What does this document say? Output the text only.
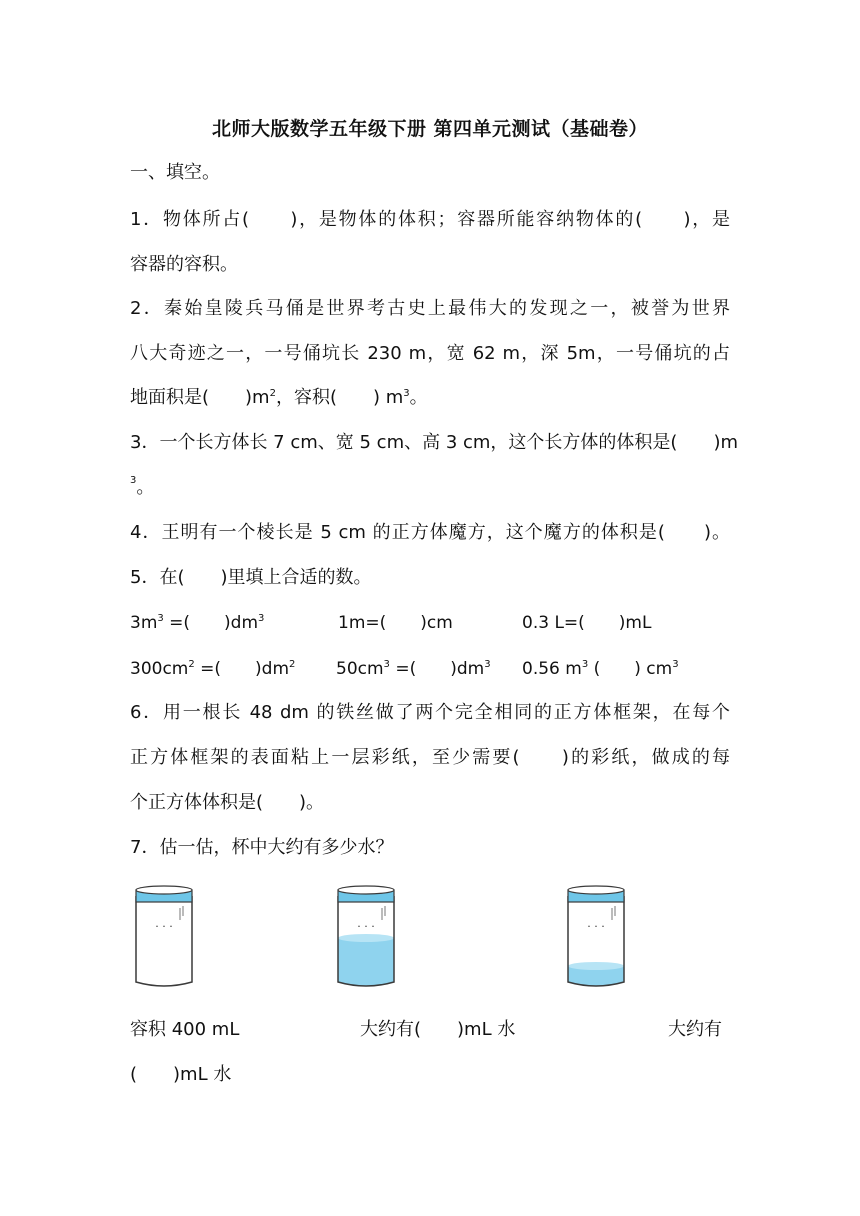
北师大版数学五年级下册 第四单元测试（基础卷）
一、填空。
1．物体所占(　　)，是物体的体积；容器所能容纳物体的(　　)，是
容器的容积。
2．秦始皇陵兵马俑是世界考古史上最伟大的发现之一，被誉为世界
八大奇迹之一，一号俑坑长 230 m，宽 62 m，深 5m，一号俑坑的占
地面积是(　　)$m^2$，容积(　　) $m^3$。
3．一个长方体长 7 cm、宽 5 cm、高 3 cm，这个长方体的体积是(　　)m
$^3$。
4．王明有一个棱长是 5 cm 的正方体魔方，这个魔方的体积是(　　)。
5．在(　　)里填上合适的数。
$3m^3$ =(　　)$dm^3$	1m=(　　)cm	0.3 L=(　　)mL
$300cm^2$ =(　　)$dm^2$ $50cm^3$ =(　　)$dm^3$ 0.56 $m^3$ (　　) $cm^3$
6．用一根长 48 dm 的铁丝做了两个完全相同的正方体框架，在每个
正方体框架的表面粘上一层彩纸，至少需要(　　)的彩纸，做成的每
个正方体体积是(　　)。
7．估一估，杯中大约有多少水？
· · ·	· · ·	· · ·
容积 400 mL	大约有(　　)mL 水	大约有
(　　)mL 水
